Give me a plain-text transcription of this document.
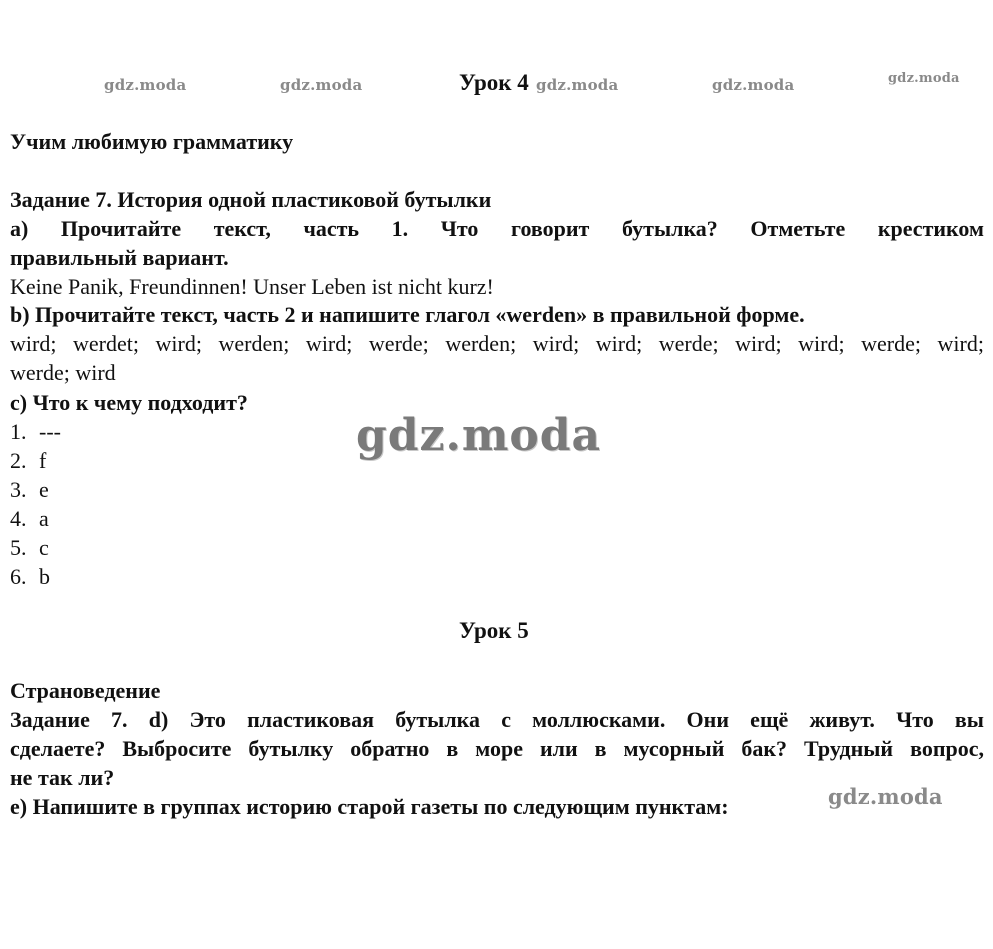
gdz.moda	gdz.moda	Урок 4 gdz.moda	gdz.moda	gdz.moda
Учим любимую грамматику
Задание 7. История одной пластиковой бутылки
a) Прочитайте текст, часть 1. Что говорит бутылка? Отметьте крестиком
правильный вариант.
Keine Panik, Freundinnen! Unser Leben ist nicht kurz!
b) Прочитайте текст, часть 2 и напишите глагол «werden» в правильной форме.
wird; werdet; wird; werden; wird; werde; werden; wird; wird; werde; wird; wird; werde; wird;
werde; wird
c) Что к чему подходит?
1. ---
2. f
3. e
4. a
5. c
6. b
gdz.moda
Урок 5
Страноведение
Задание 7. d) Это пластиковая бутылка с моллюсками. Они ещё живут. Что вы
сделаете? Выбросите бутылку обратно в море или в мусорный бак? Трудный вопрос,
не так ли?
e) Напишите в группах историю старой газеты по следующим пунктам:	gdz.moda
